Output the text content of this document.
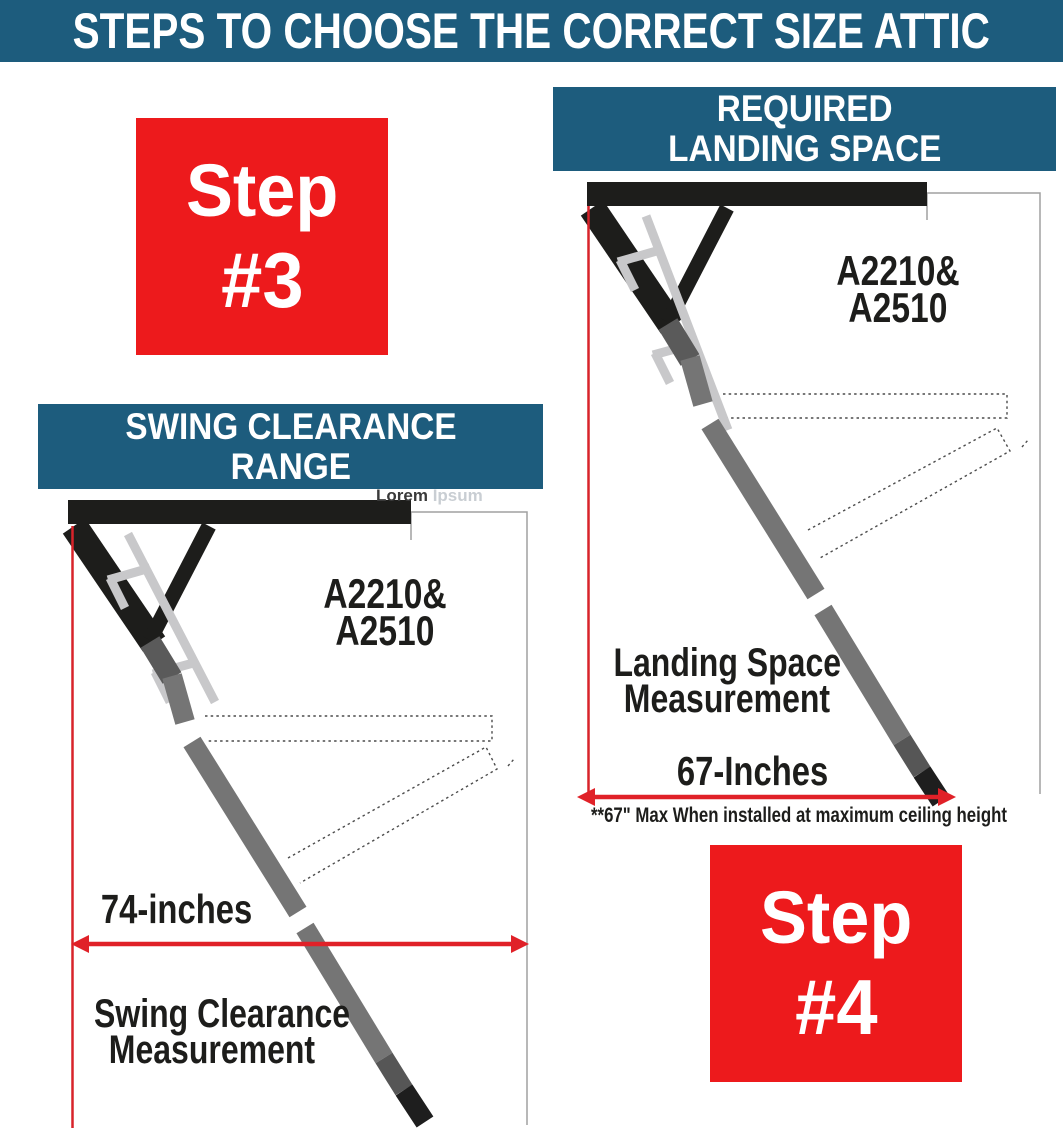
STEPS TO CHOOSE THE CORRECT SIZE ATTIC
Step
#3
Step
#4
REQUIRED
LANDING SPACE
SWING CLEARANCE
RANGE
Lorem Ipsum
A2210&
A2510
Landing Space
Measurement
67-Inches
**67" Max When installed at maximum ceiling height
A2210&
A2510
74-inches
Swing Clearance
Measurement
